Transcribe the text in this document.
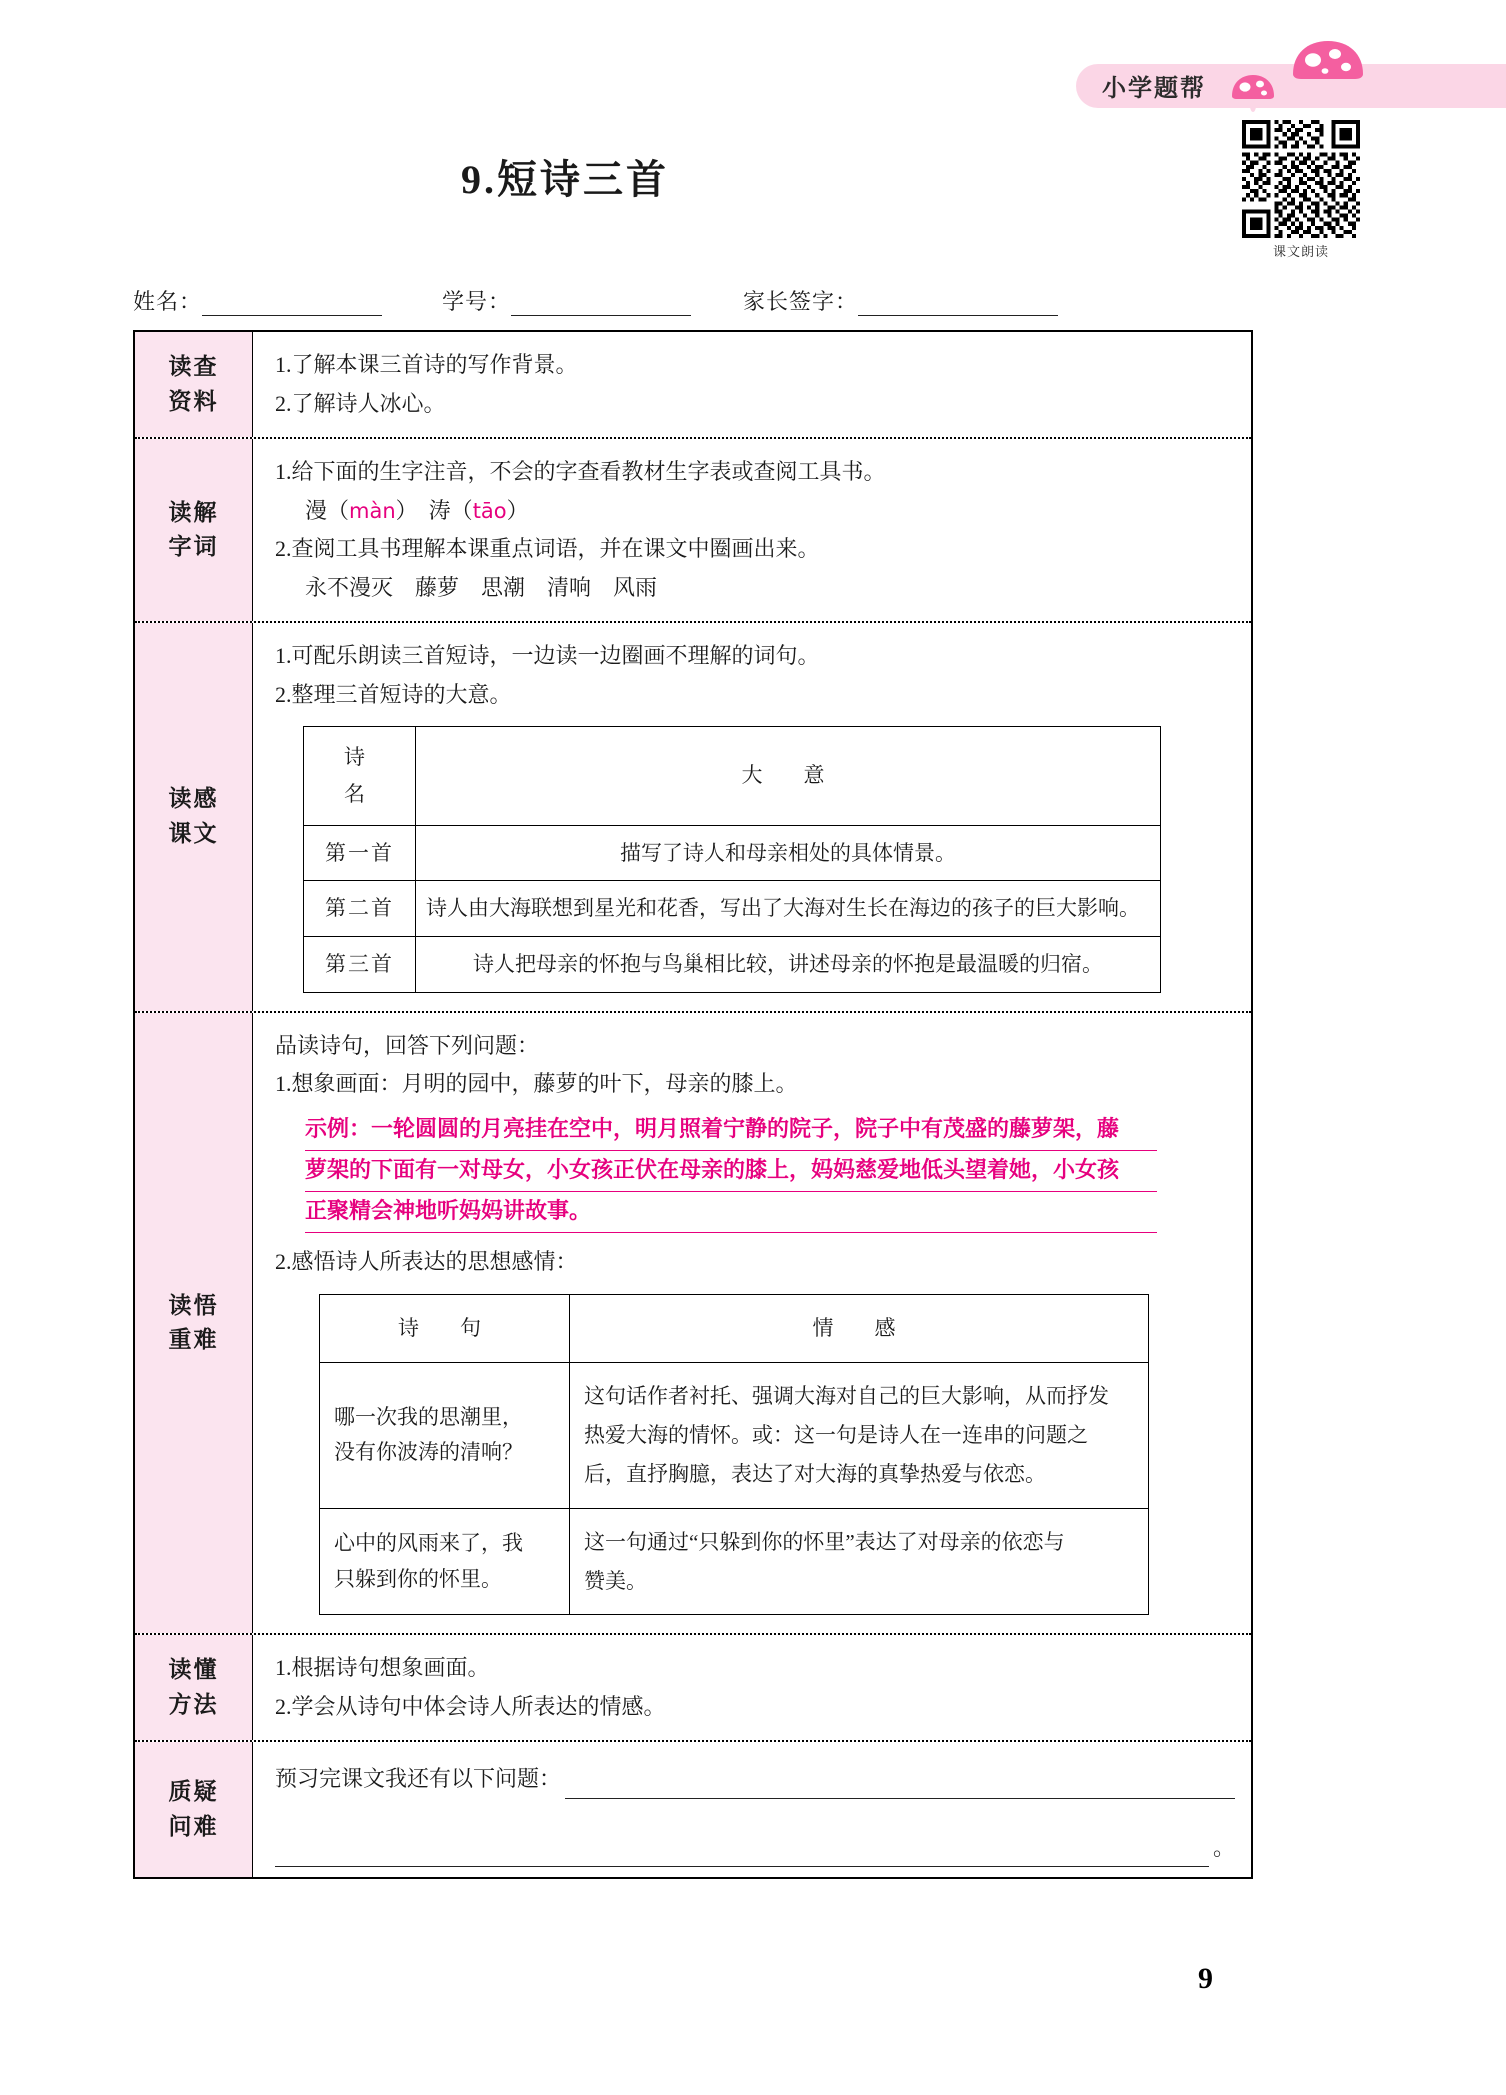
小学题帮
课文朗读
9.短诗三首
姓名：	学号：	家长签字：
读查
资料
1.了解本课三首诗的写作背景。
2.了解诗人冰心。
读解
字词
1.给下面的生字注音，不会的字查看教材生字表或查阅工具书。
漫（màn） 涛（tāo）
2.查阅工具书理解本课重点词语，并在课文中圈画出来。
永不漫灭　藤萝　思潮　清响　风雨
读感
课文
1.可配乐朗读三首短诗，一边读一边圈画不理解的词句。
2.整理三首短诗的大意。
诗　名	大　意
第一首	描写了诗人和母亲相处的具体情景。
第二首	诗人由大海联想到星光和花香，写出了大海对生长在海边的孩子的巨大影响。
第三首	诗人把母亲的怀抱与鸟巢相比较，讲述母亲的怀抱是最温暖的归宿。
读悟
重难
品读诗句，回答下列问题：
1.想象画面：月明的园中，藤萝的叶下，母亲的膝上。
示例：一轮圆圆的月亮挂在空中，明月照着宁静的院子，院子中有茂盛的藤萝架，藤
萝架的下面有一对母女，小女孩正伏在母亲的膝上，妈妈慈爱地低头望着她，小女孩
正聚精会神地听妈妈讲故事。
2.感悟诗人所表达的思想感情：
诗　句	情　感

哪一次我的思潮里，
没有你波涛的清响？

这句话作者衬托、强调大海对自己的巨大影响，从而抒发
热爱大海的情怀。或：这一句是诗人在一连串的问题之
后，直抒胸臆，表达了对大海的真挚热爱与依恋。

心中的风雨来了，我
只躲到你的怀里。

这一句通过“只躲到你的怀里”表达了对母亲的依恋与
赞美。
读懂
方法
1.根据诗句想象画面。
2.学会从诗句中体会诗人所表达的情感。
质疑
问难
预习完课文我还有以下问题：
。
9
